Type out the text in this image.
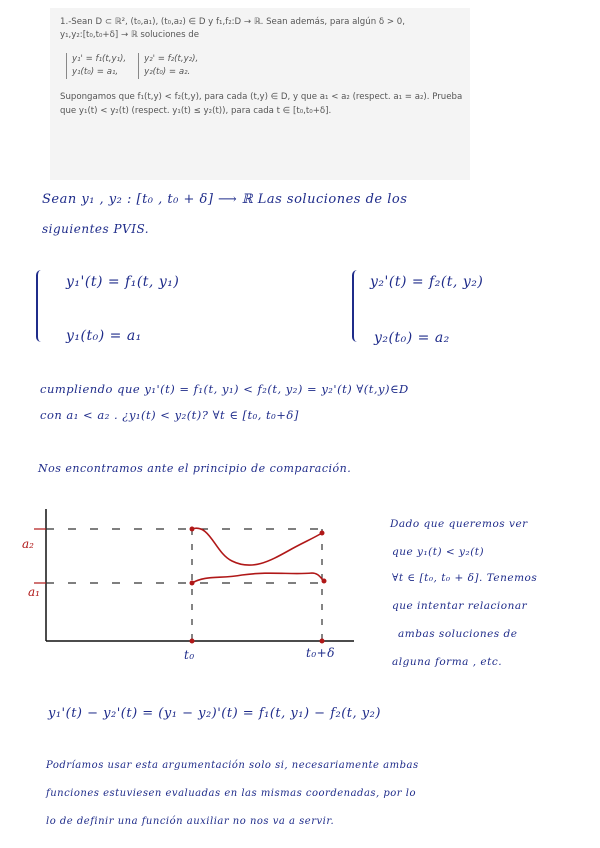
1.-Sean D ⊂ ℝ², (t₀,a₁), (t₀,a₂) ∈ D y f₁,f₂:D → ℝ. Sean además, para algún δ > 0,
y₁,y₂:[t₀,t₀+δ] → ℝ soluciones de
y₁' = f₁(t,y₁),
y₁(t₀) = a₁,
y₂' = f₂(t,y₂),
y₂(t₀) = a₂.
Supongamos que f₁(t,y) < f₂(t,y), para cada (t,y) ∈ D, y que a₁ < a₂ (respect. a₁ = a₂). Prueba
que y₁(t) < y₂(t) (respect. y₁(t) ≤ y₂(t)), para cada t ∈ [t₀,t₀+δ].
Sean y₁ , y₂ : [t₀ , t₀ + δ] ⟶ ℝ Las soluciones de los
siguientes PVIS.
y₁'(t) = f₁(t, y₁)
y₁(t₀) = a₁
y₂'(t) = f₂(t, y₂)
y₂(t₀) = a₂
cumpliendo que y₁'(t) = f₁(t, y₁) < f₂(t, y₂) = y₂'(t) ∀(t,y)∈D
con a₁ < a₂ . ¿y₁(t) < y₂(t)? ∀t ∈ [t₀, t₀+δ]
Nos encontramos ante el principio de comparación.
a₂
a₁
t₀	t₀+δ
Dado que queremos ver
que y₁(t) < y₂(t)
∀t ∈ [t₀, t₀ + δ]. Tenemos
que intentar relacionar
ambas soluciones de
alguna forma , etc.
y₁'(t) − y₂'(t) = (y₁ − y₂)'(t) = f₁(t, y₁) − f₂(t, y₂)
Podríamos usar esta argumentación solo si, necesariamente ambas
funciones estuviesen evaluadas en las mismas coordenadas, por lo
lo de definir una función auxiliar no nos va a servir.
